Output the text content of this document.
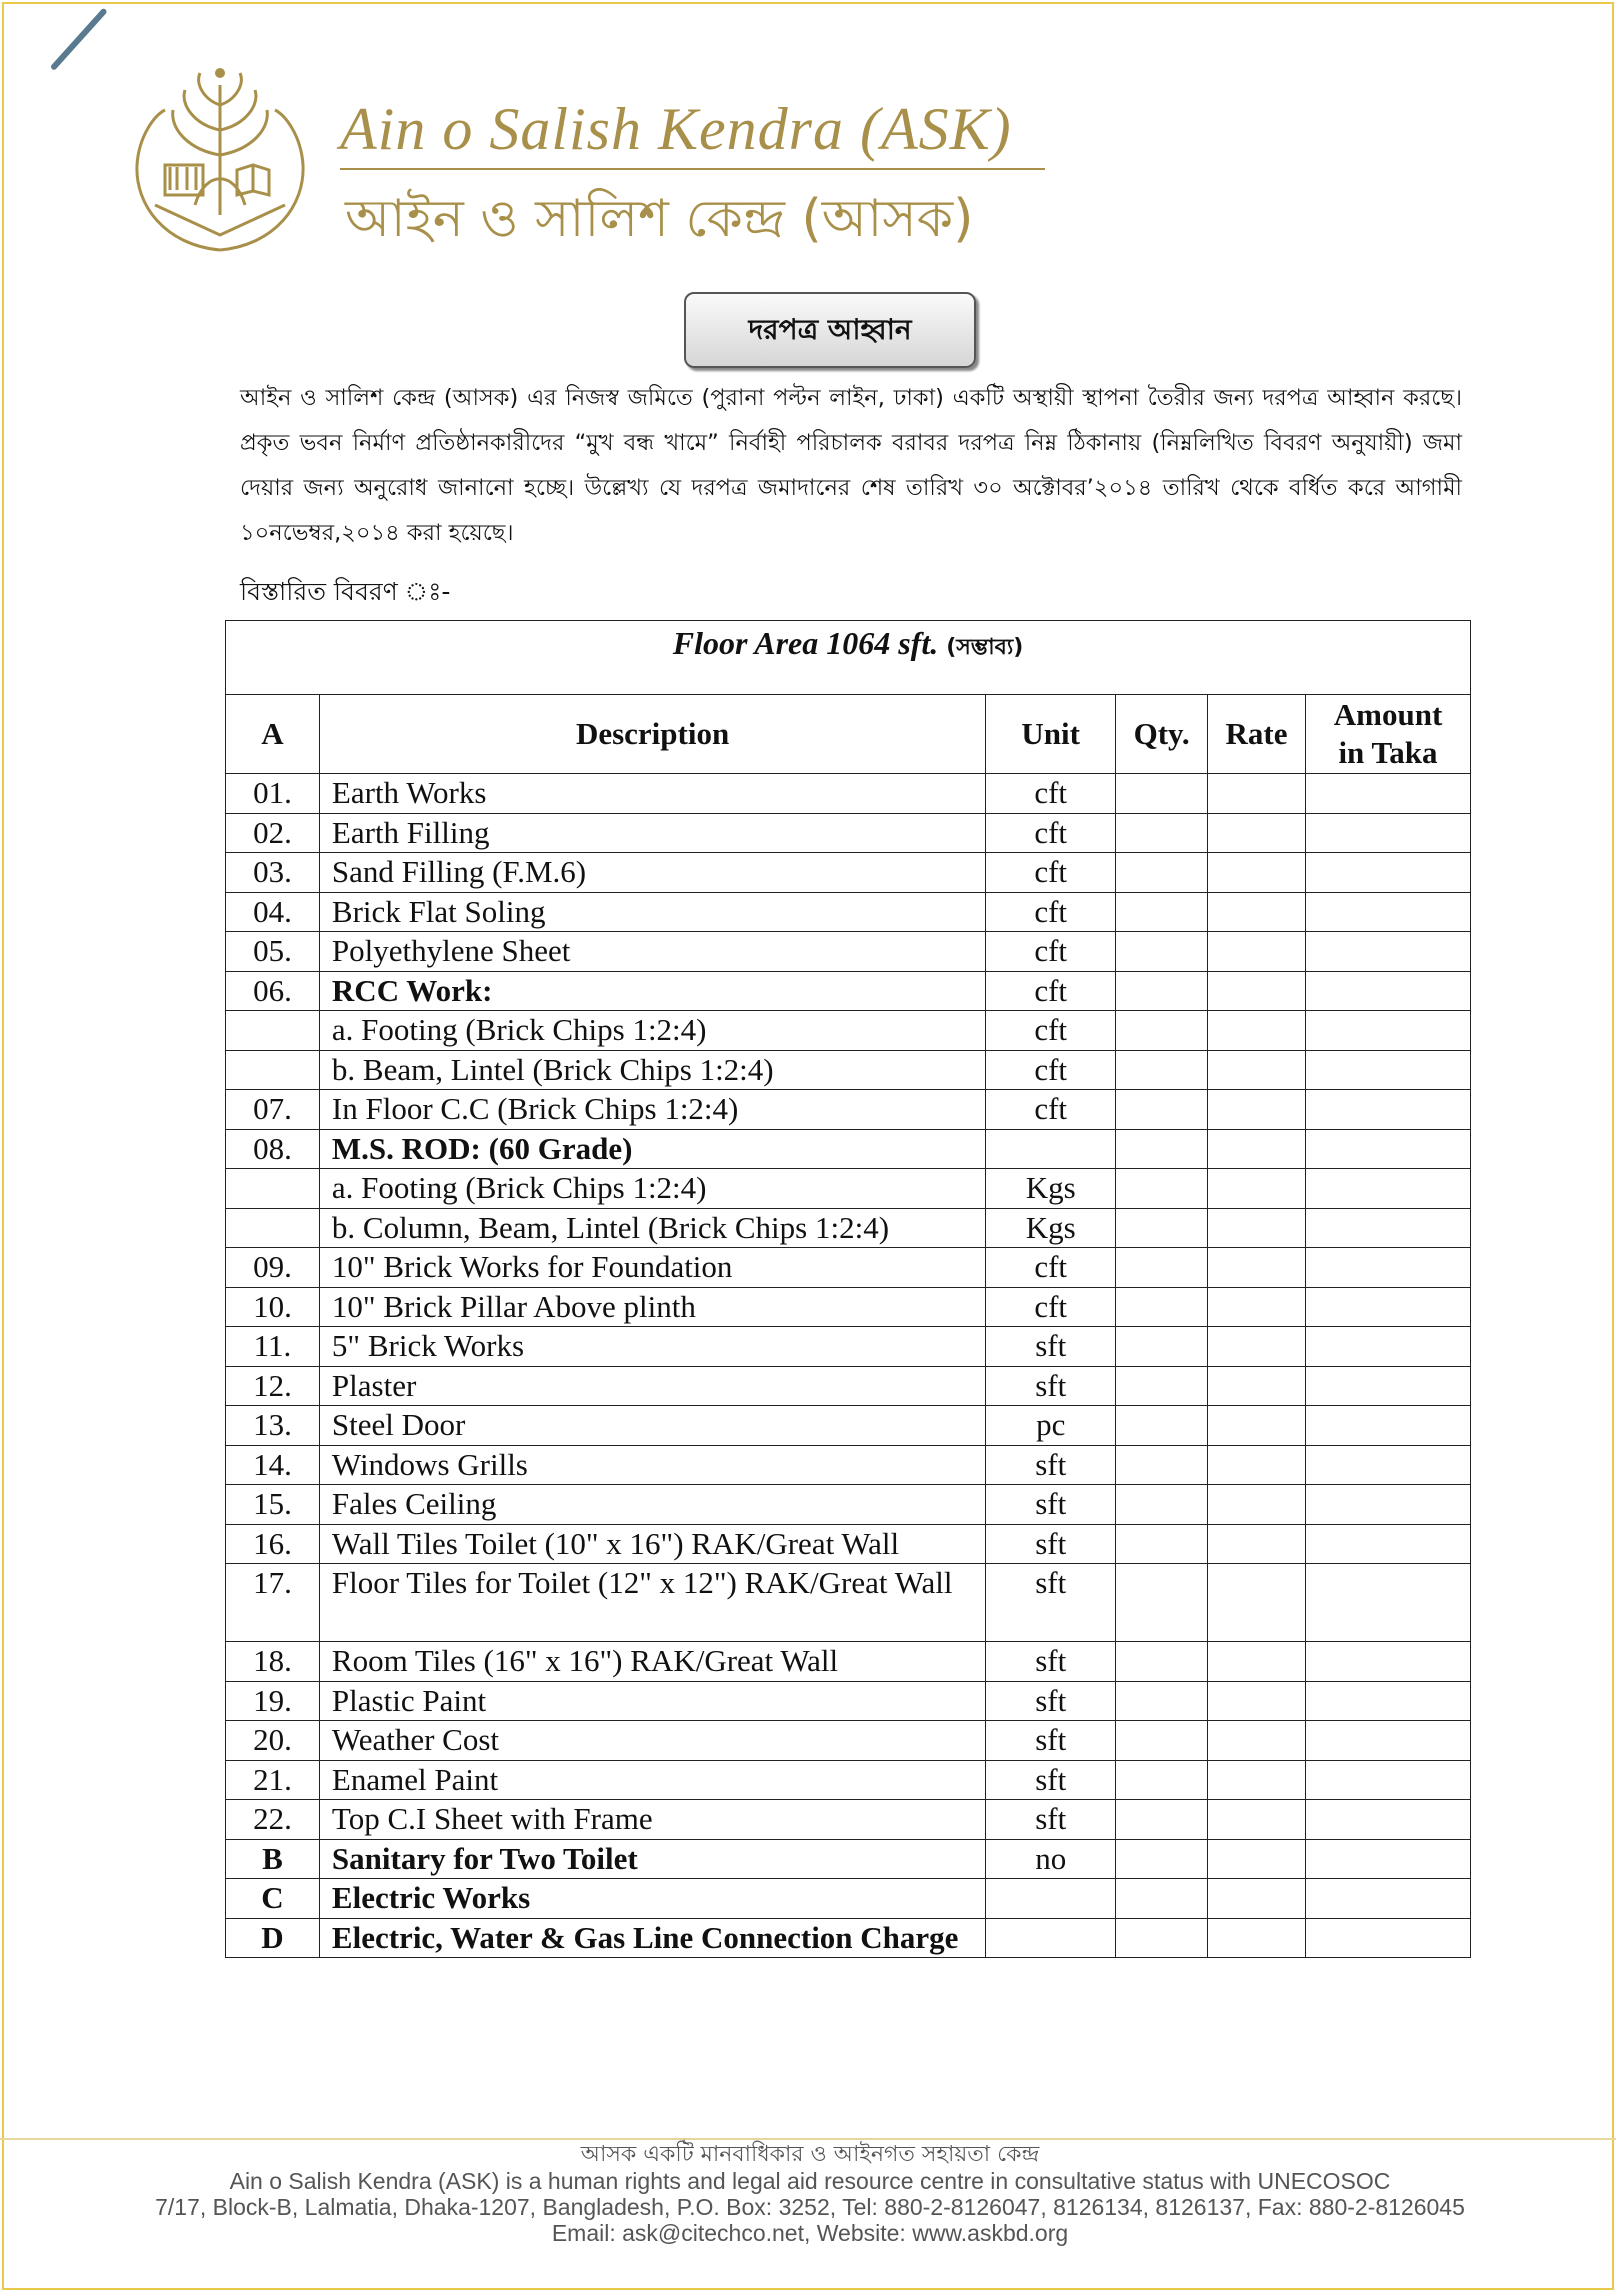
Ain o Salish Kendra (ASK)
আইন ও সালিশ কেন্দ্র (আসক)
দরপত্র আহ্বান
আইন ও সালিশ কেন্দ্র (আসক) এর নিজস্ব জমিতে (পুরানা পল্টন লাইন, ঢাকা) একটি অস্থায়ী স্থাপনা তৈরীর জন্য দরপত্র আহ্বান করছে। প্রকৃত ভবন নির্মাণ প্রতিষ্ঠানকারীদের “মুখ বন্ধ খামে” নির্বাহী পরিচালক বরাবর দরপত্র নিম্ন ঠিকানায় (নিম্নলিখিত বিবরণ অনুযায়ী) জমা দেয়ার জন্য অনুরোধ জানানো হচ্ছে। উল্লেখ্য যে দরপত্র জমাদানের শেষ তারিখ ৩০ অক্টোবর’২০১৪ তারিখ থেকে বর্ধিত করে আগামী ১০নভেম্বর,২০১৪ করা হয়েছে।
বিস্তারিত বিবরণ ঃ-
Floor Area 1064 sft. (সম্ভাব্য)					
A	Description	Unit	Qty.	Rate	Amount
in Taka
01.	Earth Works	cft			
02.	Earth Filling	cft			
03.	Sand Filling (F.M.6)	cft			
04.	Brick Flat Soling	cft			
05.	Polyethylene Sheet	cft			
06.	RCC Work:	cft			
	a. Footing (Brick Chips 1:2:4)	cft			
	b. Beam, Lintel (Brick Chips 1:2:4)	cft			
07.	In Floor C.C (Brick Chips 1:2:4)	cft			
08.	M.S. ROD: (60 Grade)				
	a. Footing (Brick Chips 1:2:4)	Kgs			
	b. Column, Beam, Lintel (Brick Chips 1:2:4)	Kgs			
09.	10" Brick Works for Foundation	cft			
10.	10" Brick Pillar Above plinth	cft			
11.	5" Brick Works	sft			
12.	Plaster	sft			
13.	Steel Door	pc			
14.	Windows Grills	sft			
15.	Fales Ceiling	sft			
16.	Wall Tiles Toilet (10" x 16") RAK/Great Wall	sft			
17.	Floor Tiles for Toilet (12" x 12") RAK/Great Wall	sft			
18.	Room Tiles (16" x 16") RAK/Great Wall	sft			
19.	Plastic Paint	sft			
20.	Weather Cost	sft			
21.	Enamel Paint	sft			
22.	Top C.I Sheet with Frame	sft			
B	Sanitary for Two Toilet	no			
C	Electric Works				
D	Electric, Water & Gas Line Connection Charge				
আসক একটি মানবাধিকার ও আইনগত সহায়তা কেন্দ্র
Ain o Salish Kendra (ASK) is a human rights and legal aid resource centre in consultative status with UNECOSOC
7/17, Block-B, Lalmatia, Dhaka-1207, Bangladesh, P.O. Box: 3252, Tel: 880-2-8126047, 8126134, 8126137, Fax: 880-2-8126045
Email: ask@citechco.net, Website: www.askbd.org
